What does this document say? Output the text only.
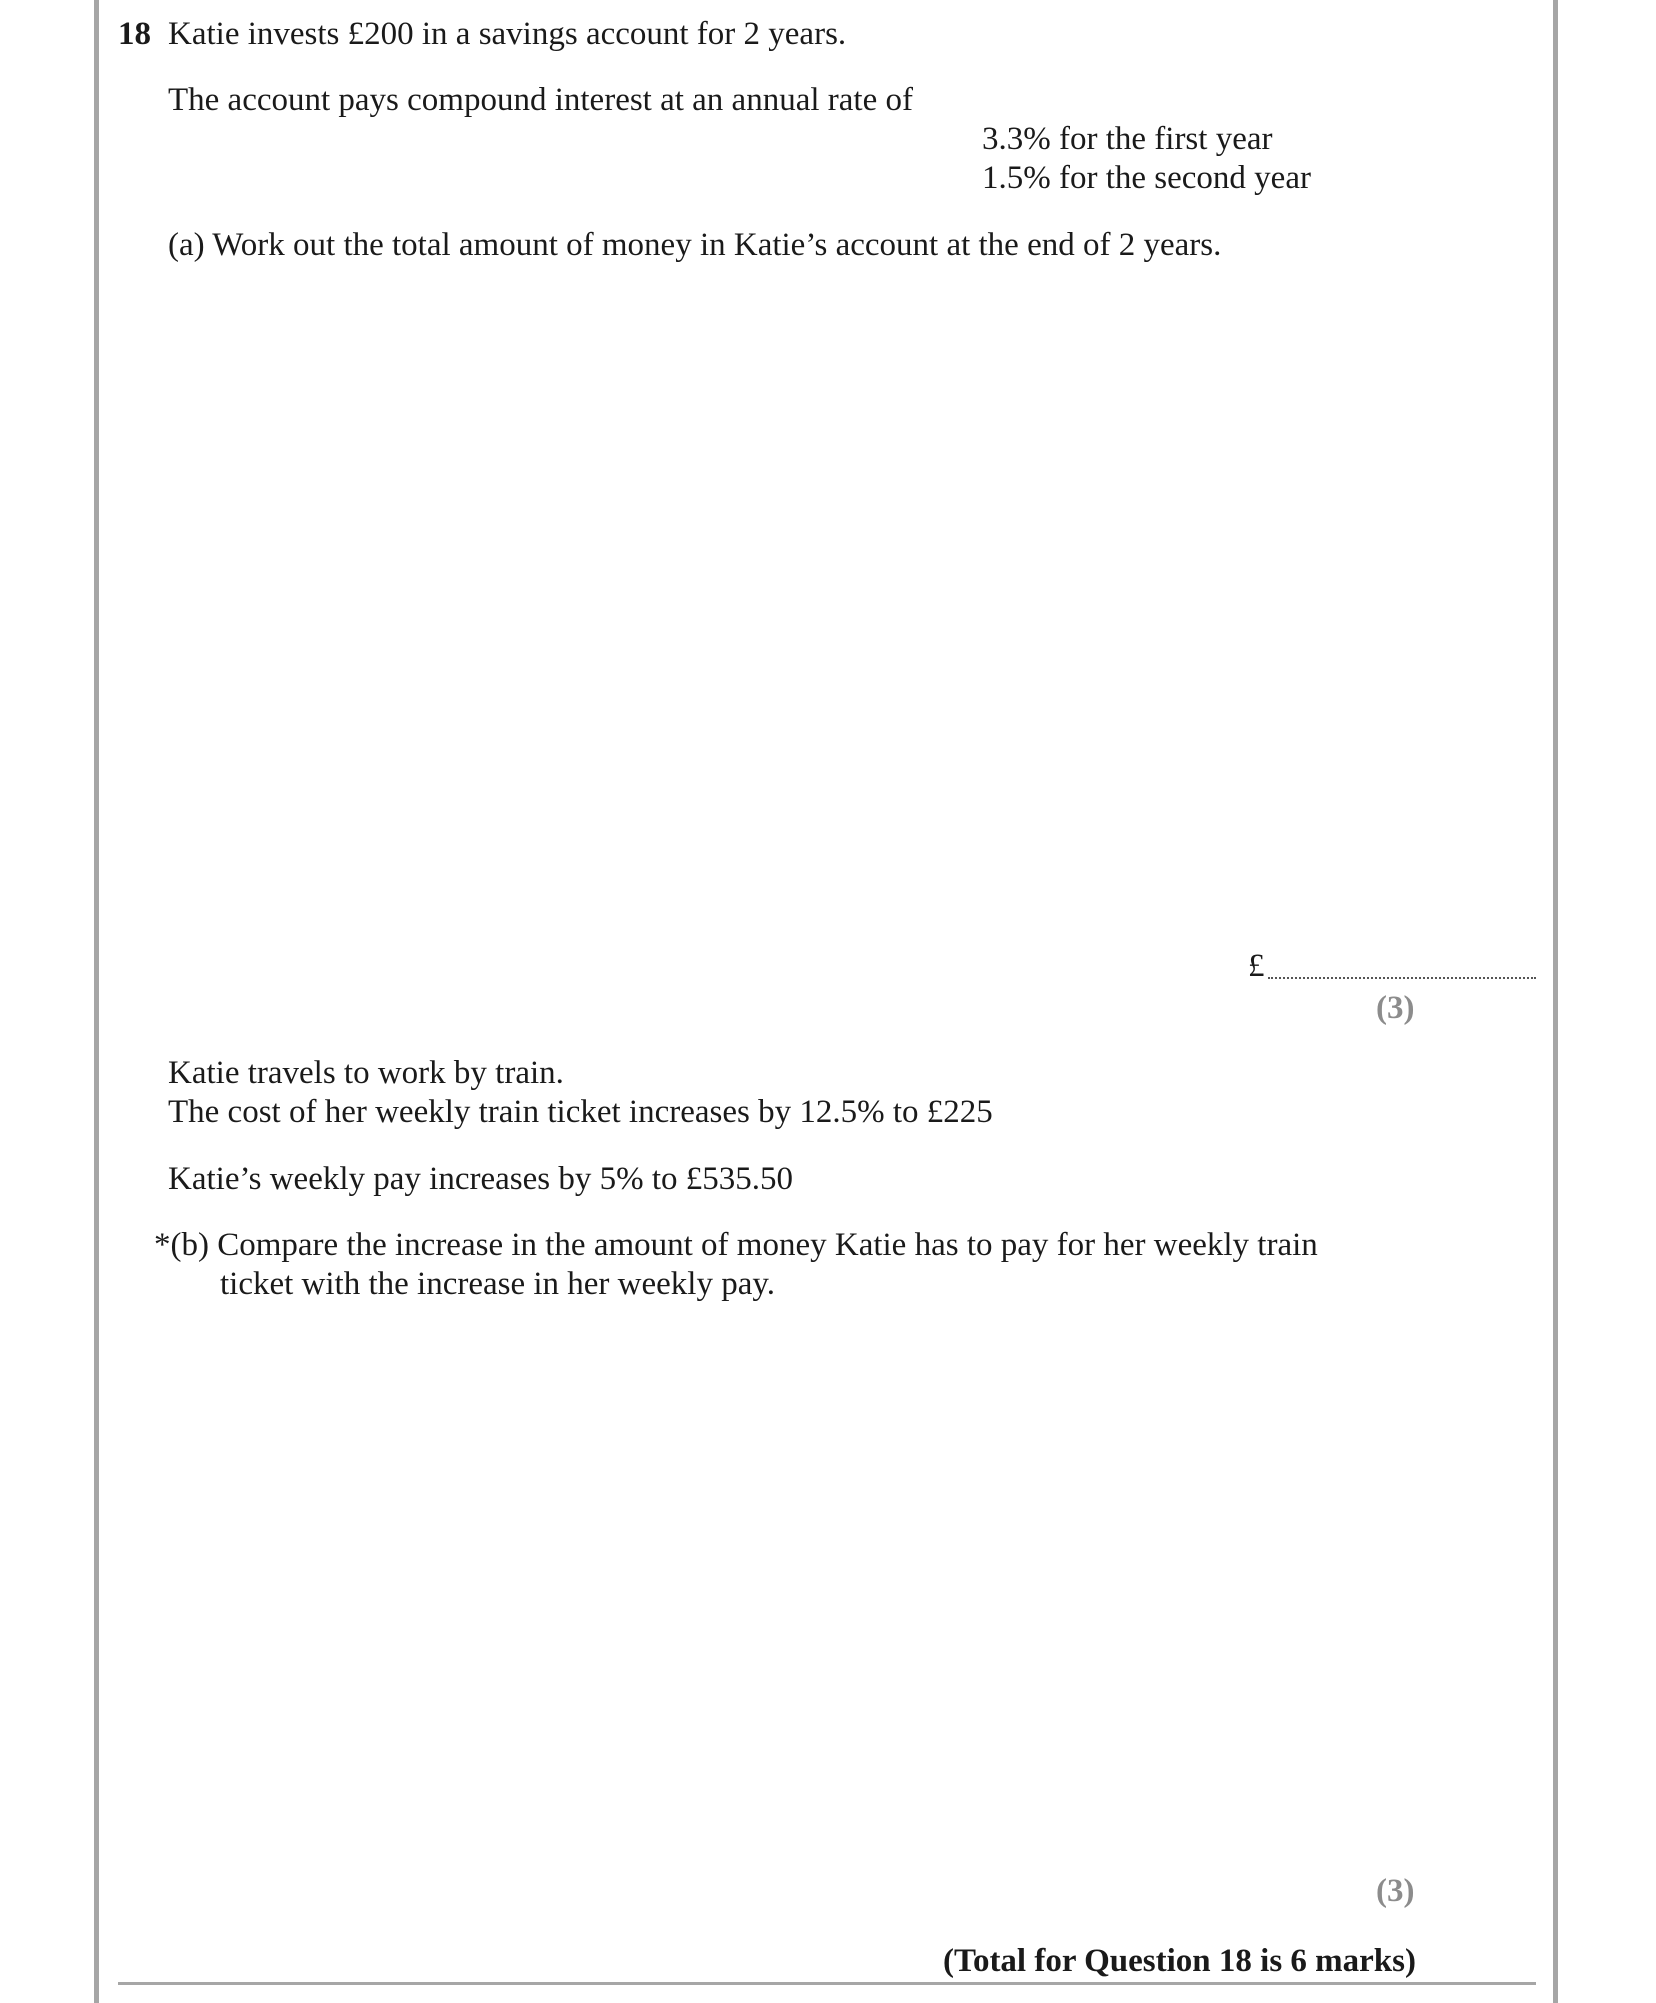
18 Katie invests £200 in a savings account for 2 years.
The account pays compound interest at an annual rate of
3.3% for the first year
1.5% for the second year
(a) Work out the total amount of money in Katie’s account at the end of 2 years.
£
(3)
Katie travels to work by train.
The cost of her weekly train ticket increases by 12.5% to £225
Katie’s weekly pay increases by 5% to £535.50
*(b) Compare the increase in the amount of money Katie has to pay for her weekly train
ticket with the increase in her weekly pay.
(3)
(Total for Question 18 is 6 marks)
